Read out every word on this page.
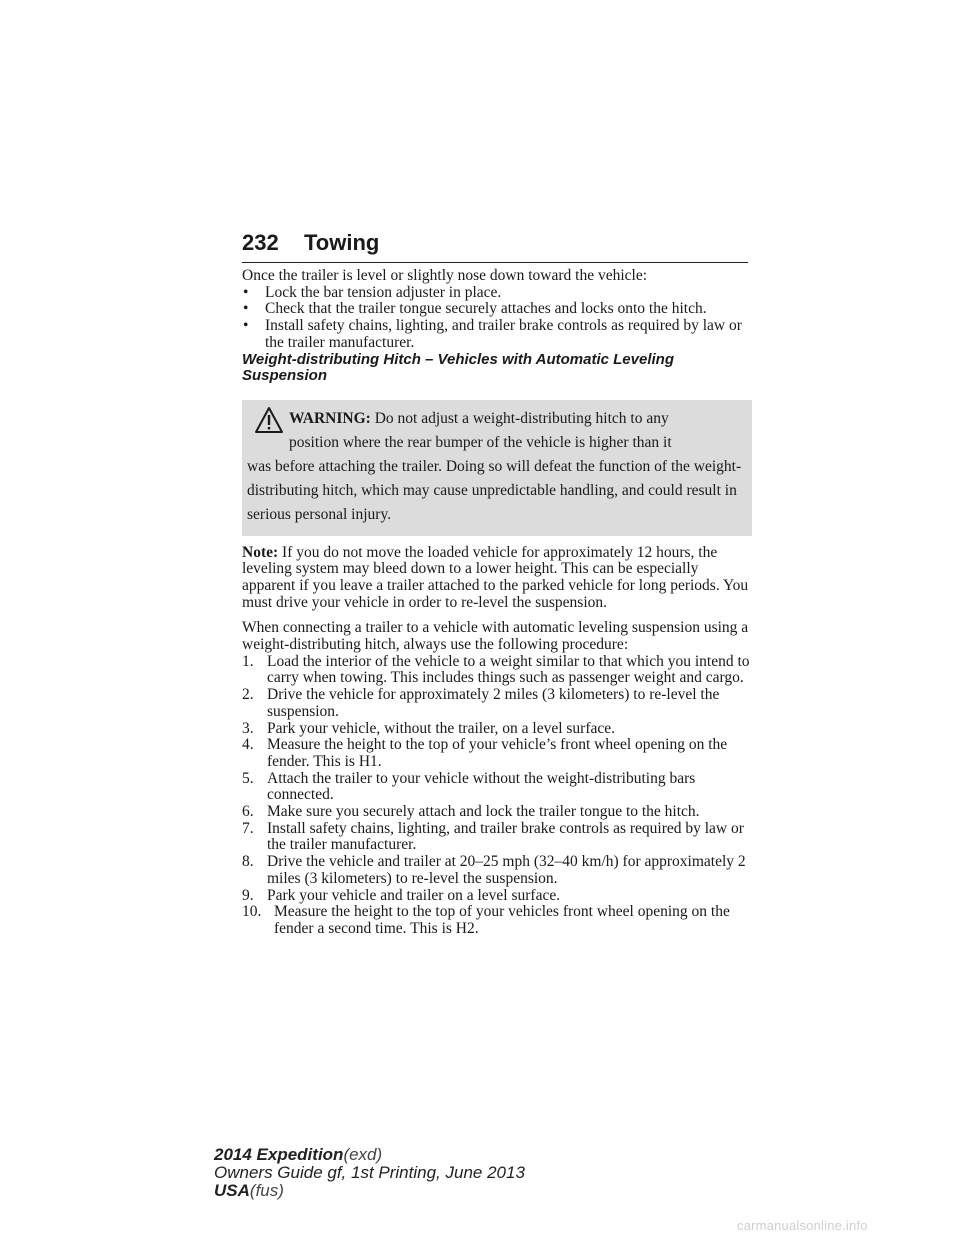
232 Towing

Once the trailer is level or slightly nose down toward the vehicle:

• Lock the bar tension adjuster in place.
• Check that the trailer tongue securely attaches and locks onto the hitch.
• Install safety chains, lighting, and trailer brake controls as required by law or the trailer manufacturer.

Weight-distributing Hitch – Vehicles with Automatic Leveling Suspension

WARNING: Do not adjust a weight-distributing hitch to any
position where the rear bumper of the vehicle is higher than it
was before attaching the trailer. Doing so will defeat the function of the weight-distributing hitch, which may cause unpredictable handling, and could result in serious personal injury.

Note: If you do not move the loaded vehicle for approximately 12 hours, the leveling system may bleed down to a lower height. This can be especially apparent if you leave a trailer attached to the parked vehicle for long periods. You must drive your vehicle in order to re-level the suspension.

When connecting a trailer to a vehicle with automatic leveling suspension using a weight-distributing hitch, always use the following procedure:

1. Load the interior of the vehicle to a weight similar to that which you intend to carry when towing. This includes things such as passenger weight and cargo.
2. Drive the vehicle for approximately 2 miles (3 kilometers) to re-level the suspension.
3. Park your vehicle, without the trailer, on a level surface.
4. Measure the height to the top of your vehicle’s front wheel opening on the fender. This is H1.
5. Attach the trailer to your vehicle without the weight-distributing bars connected.
6. Make sure you securely attach and lock the trailer tongue to the hitch.
7. Install safety chains, lighting, and trailer brake controls as required by law or the trailer manufacturer.
8. Drive the vehicle and trailer at 20–25 mph (32–40 km/h) for approximately 2 miles (3 kilometers) to re-level the suspension.
9. Park your vehicle and trailer on a level surface.
10. Measure the height to the top of your vehicles front wheel opening on the fender a second time. This is H2.
2014 Expedition(exd)
Owners Guide gf, 1st Printing, June 2013
USA(fus)
carmanualsonline.info
